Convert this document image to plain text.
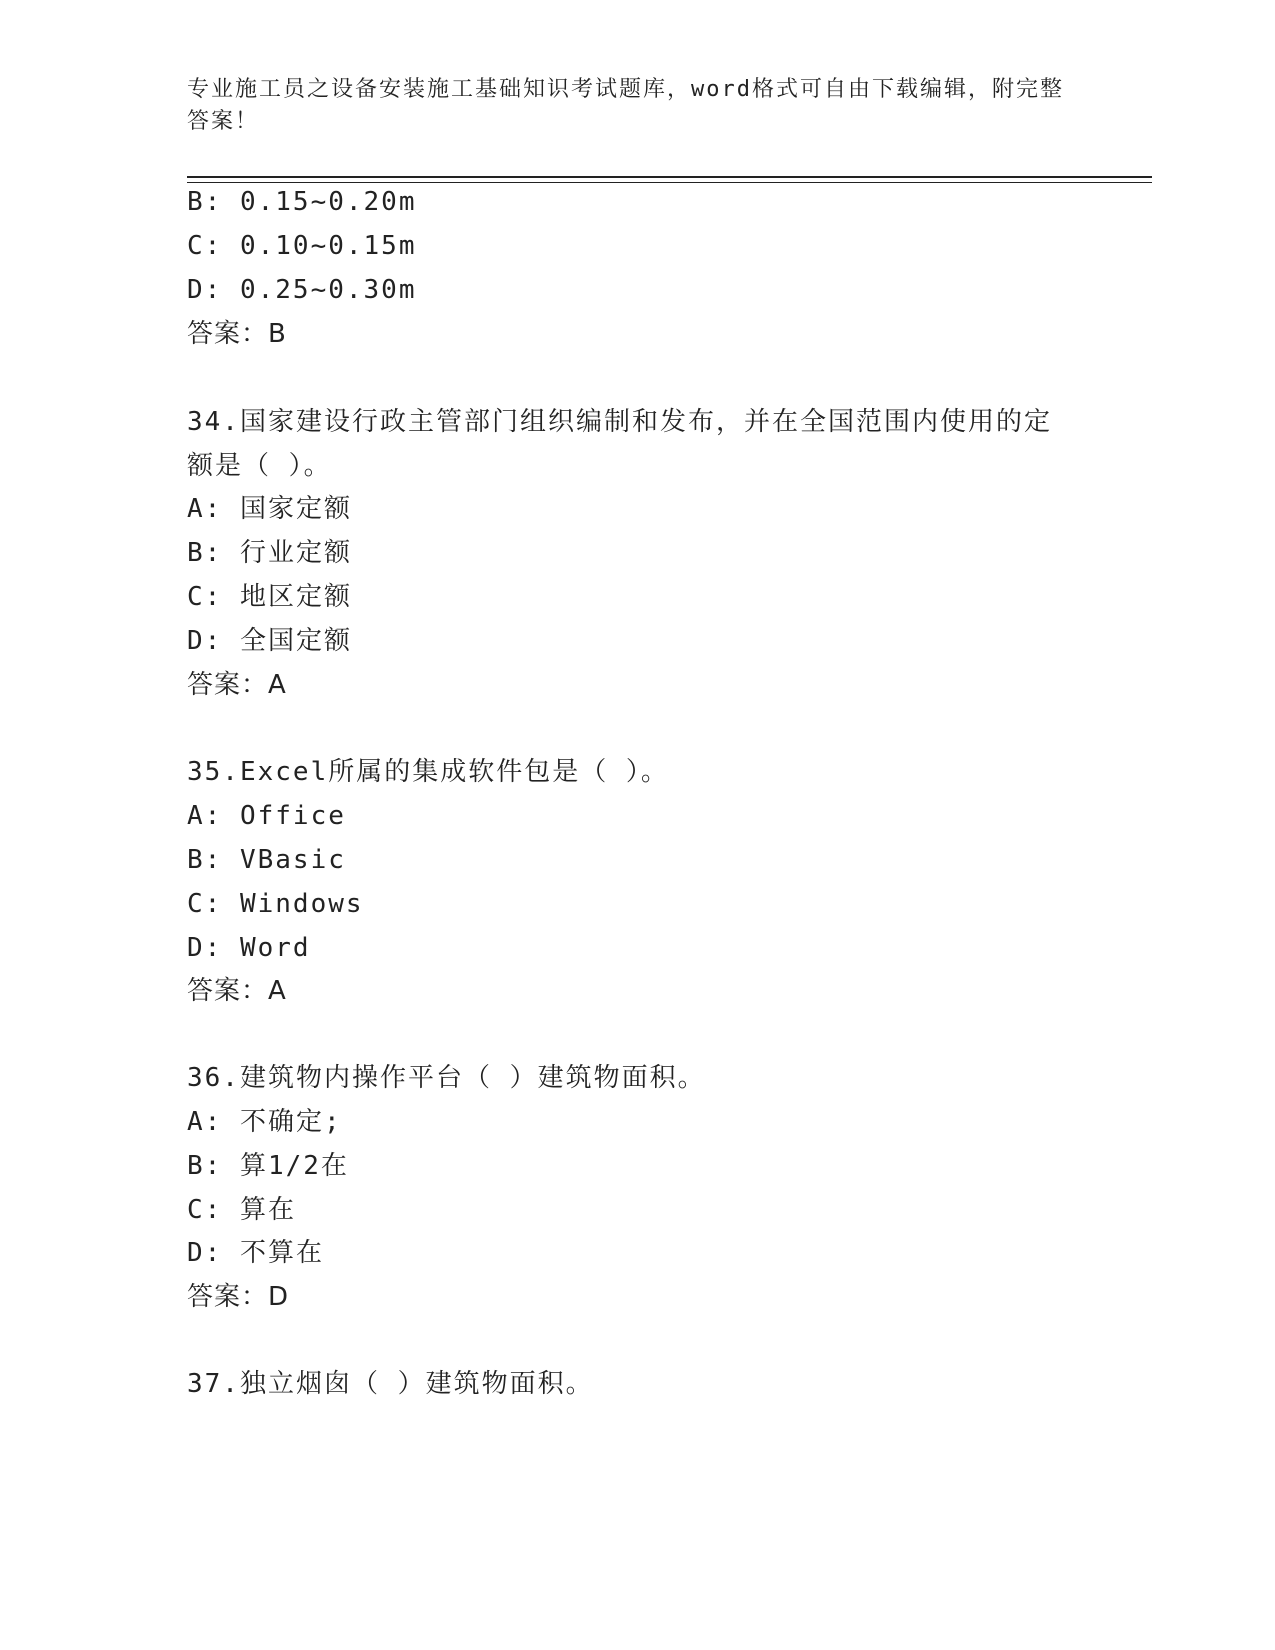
专业施工员之设备安装施工基础知识考试题库，word格式可自由下载编辑，附完整答案！
B: 0.15~0.20m
C: 0.10~0.15m
D: 0.25~0.30m
答案：B
34.国家建设行政主管部门组织编制和发布，并在全国范围内使用的定额是（ ）。
A: 国家定额
B: 行业定额
C: 地区定额
D: 全国定额
答案：A
35.Excel所属的集成软件包是（ ）。
A: Office
B: VBasic
C: Windows
D: Word
答案：A
36.建筑物内操作平台（ ）建筑物面积。
A: 不确定;
B: 算1/2在
C: 算在
D: 不算在
答案：D
37.独立烟囱（ ）建筑物面积。
